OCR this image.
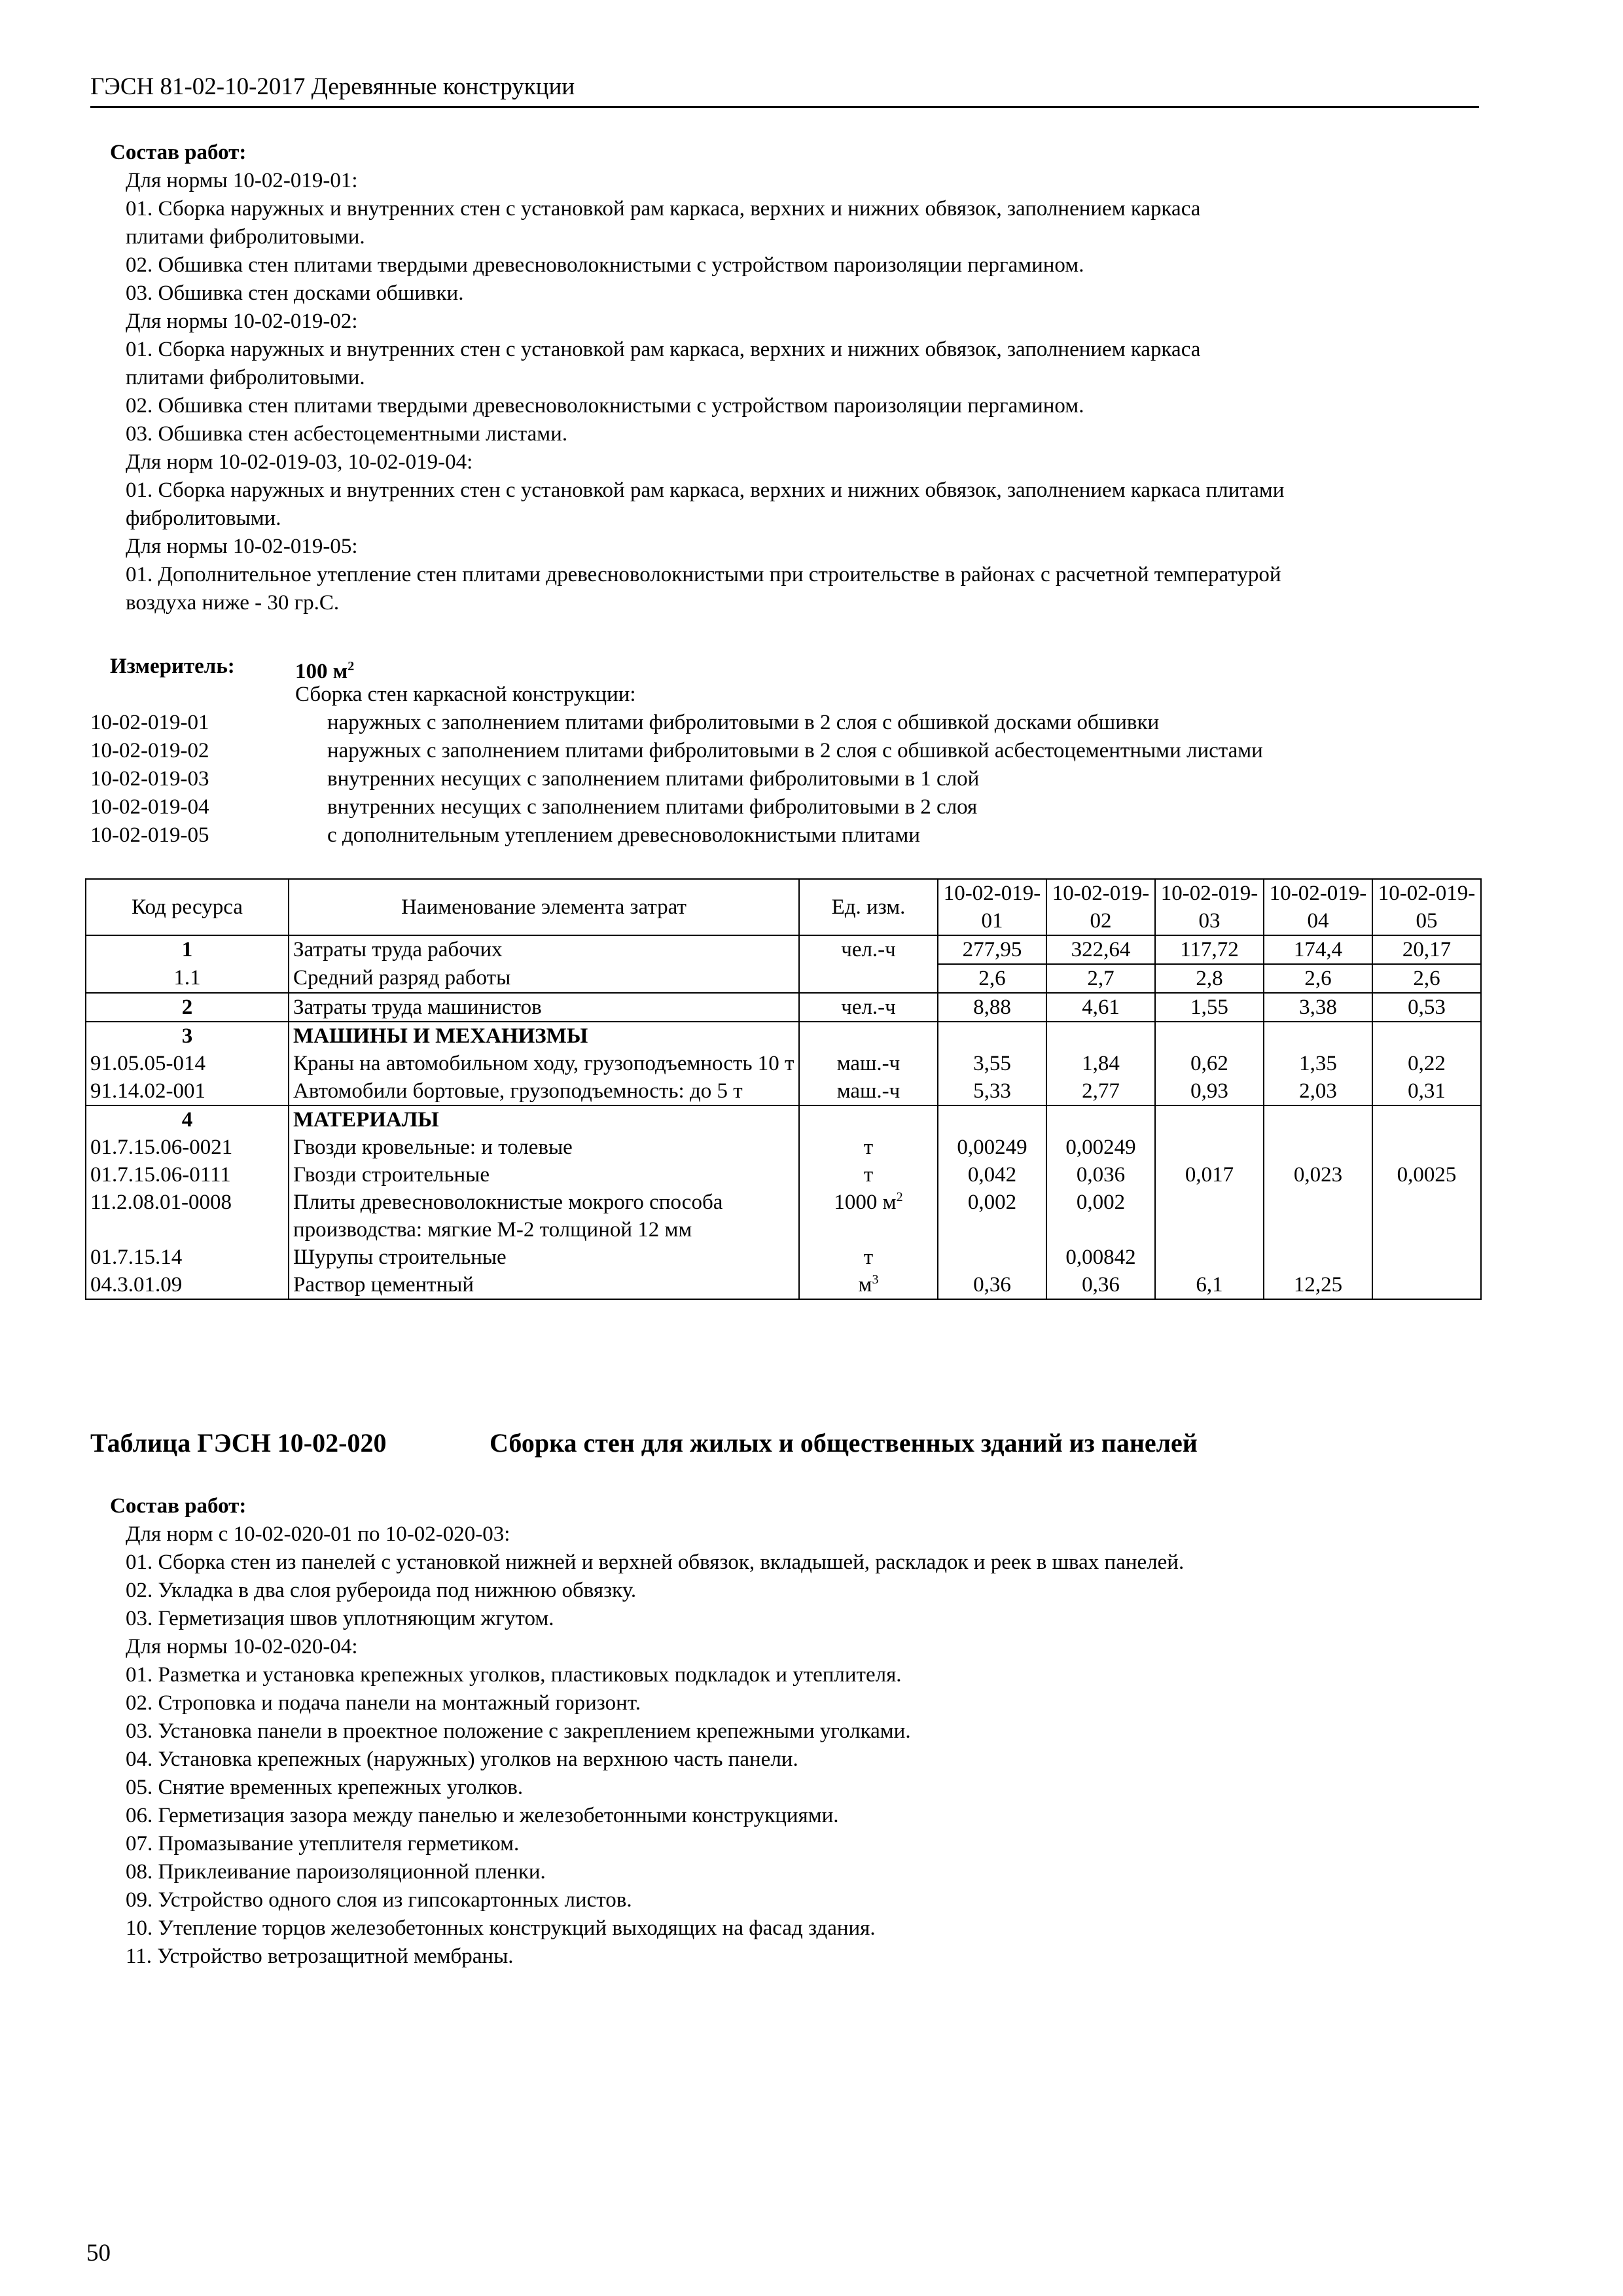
ГЭСН 81-02-10-2017 Деревянные конструкции
Состав работ:
Для нормы 10-02-019-01:
01. Сборка наружных и внутренних стен с установкой рам каркаса, верхних и нижних обвязок, заполнением каркаса
плитами фибролитовыми.
02. Обшивка стен плитами твердыми древесноволокнистыми с устройством пароизоляции пергамином.
03. Обшивка стен досками обшивки.
Для нормы 10-02-019-02:
01. Сборка наружных и внутренних стен с установкой рам каркаса, верхних и нижних обвязок, заполнением каркаса
плитами фибролитовыми.
02. Обшивка стен плитами твердыми древесноволокнистыми с устройством пароизоляции пергамином.
03. Обшивка стен асбестоцементными листами.
Для норм 10-02-019-03, 10-02-019-04:
01. Сборка наружных и внутренних стен с установкой рам каркаса, верхних и нижних обвязок, заполнением каркаса плитами
фибролитовыми.
Для нормы 10-02-019-05:
01. Дополнительное утепление стен плитами древесноволокнистыми при строительстве в районах с расчетной температурой
воздуха ниже - 30 гр.С.
Измеритель:	100 $м^2$
Сборка стен каркасной конструкции:
10-02-019-01	наружных с заполнением плитами фибролитовыми в 2 слоя с обшивкой досками обшивки
10-02-019-02	наружных с заполнением плитами фибролитовыми в 2 слоя с обшивкой асбестоцементными листами
10-02-019-03	внутренних несущих с заполнением плитами фибролитовыми в 1 слой
10-02-019-04	внутренних несущих с заполнением плитами фибролитовыми в 2 слоя
10-02-019-05	с дополнительным утеплением древесноволокнистыми плитами
Код ресурса	Наименование элемента затрат	Ед. изм.	10-02-019-01	10-02-019-02	10-02-019-03	10-02-019-04	10-02-019-05
1	Затраты труда рабочих	чел.-ч	277,95	322,64	117,72	174,4	20,17
1.1	Средний разряд работы		2,6	2,7	2,8	2,6	2,6
2	Затраты труда машинистов	чел.-ч	8,88	4,61	1,55	3,38	0,53
3	МАШИНЫ И МЕХАНИЗМЫ						
91.05.05-014	Краны на автомобильном ходу, грузоподъемность 10 т	маш.-ч	3,55	1,84	0,62	1,35	0,22
91.14.02-001	Автомобили бортовые, грузоподъемность: до 5 т	маш.-ч	5,33	2,77	0,93	2,03	0,31
4	МАТЕРИАЛЫ						
01.7.15.06-0021	Гвозди кровельные: и толевые	т	0,00249	0,00249			
01.7.15.06-0111	Гвозди строительные	т	0,042	0,036	0,017	0,023	0,0025
11.2.08.01-0008	Плиты древесноволокнистые мокрого способа производства: мягкие М-2 толщиной 12 мм	1000 $м^2$	0,002	0,002			
01.7.15.14	Шурупы строительные	т		0,00842			
04.3.01.09	Раствор цементный	$м^3$	0,36	0,36	6,1	12,25	
Таблица ГЭСН 10-02-020	Сборка стен для жилых и общественных зданий из панелей
Состав работ:
Для норм с 10-02-020-01 по 10-02-020-03:
01. Сборка стен из панелей с установкой нижней и верхней обвязок, вкладышей, раскладок и реек в швах панелей.
02. Укладка в два слоя рубероида под нижнюю обвязку.
03. Герметизация швов уплотняющим жгутом.
Для нормы 10-02-020-04:
01. Разметка и установка крепежных уголков, пластиковых подкладок и утеплителя.
02. Строповка и подача панели на монтажный горизонт.
03. Установка панели в проектное положение с закреплением крепежными уголками.
04. Установка крепежных (наружных) уголков на верхнюю часть панели.
05. Снятие временных крепежных уголков.
06. Герметизация зазора между панелью и железобетонными конструкциями.
07. Промазывание утеплителя герметиком.
08. Приклеивание пароизоляционной пленки.
09. Устройство одного слоя из гипсокартонных листов.
10. Утепление торцов железобетонных конструкций выходящих на фасад здания.
11. Устройство ветрозащитной мембраны.
50
